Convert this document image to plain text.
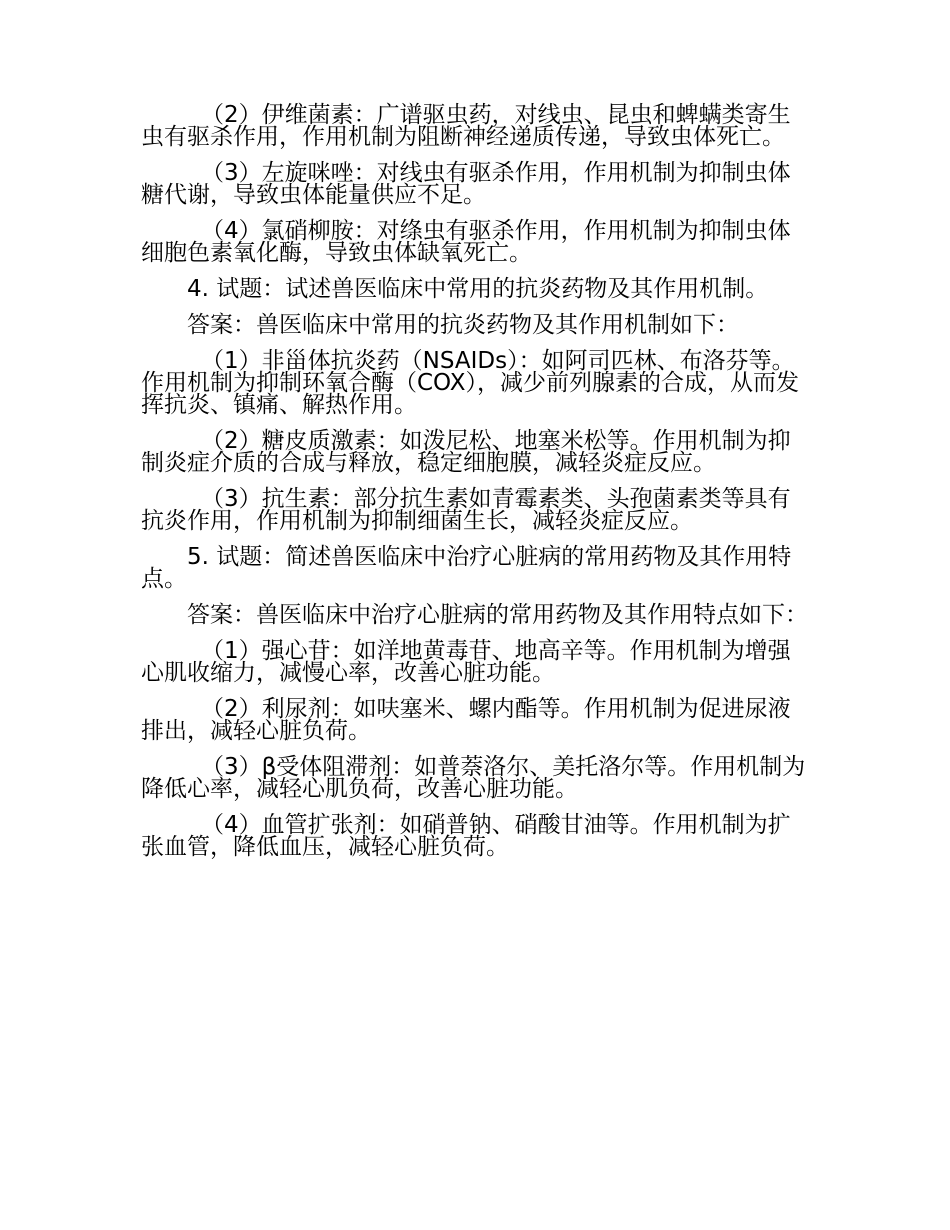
（2）伊维菌素：广谱驱虫药，对线虫、昆虫和蜱螨类寄生虫有驱杀作用，作用机制为阻断神经递质传递，导致虫体死亡。

（3）左旋咪唑：对线虫有驱杀作用，作用机制为抑制虫体糖代谢，导致虫体能量供应不足。

（4）氯硝柳胺：对绦虫有驱杀作用，作用机制为抑制虫体细胞色素氧化酶，导致虫体缺氧死亡。

4. 试题：试述兽医临床中常用的抗炎药物及其作用机制。

答案：兽医临床中常用的抗炎药物及其作用机制如下：

（1）非甾体抗炎药（NSAIDs）：如阿司匹林、布洛芬等。作用机制为抑制环氧合酶（COX），减少前列腺素的合成，从而发挥抗炎、镇痛、解热作用。

（2）糖皮质激素：如泼尼松、地塞米松等。作用机制为抑制炎症介质的合成与释放，稳定细胞膜，减轻炎症反应。

（3）抗生素：部分抗生素如青霉素类、头孢菌素类等具有抗炎作用，作用机制为抑制细菌生长，减轻炎症反应。

5. 试题：简述兽医临床中治疗心脏病的常用药物及其作用特点。

答案：兽医临床中治疗心脏病的常用药物及其作用特点如下：

（1）强心苷：如洋地黄毒苷、地高辛等。作用机制为增强心肌收缩力，减慢心率，改善心脏功能。

（2）利尿剂：如呋塞米、螺内酯等。作用机制为促进尿液排出，减轻心脏负荷。

（3）β受体阻滞剂：如普萘洛尔、美托洛尔等。作用机制为降低心率，减轻心肌负荷，改善心脏功能。

（4）血管扩张剂：如硝普钠、硝酸甘油等。作用机制为扩张血管，降低血压，减轻心脏负荷。
